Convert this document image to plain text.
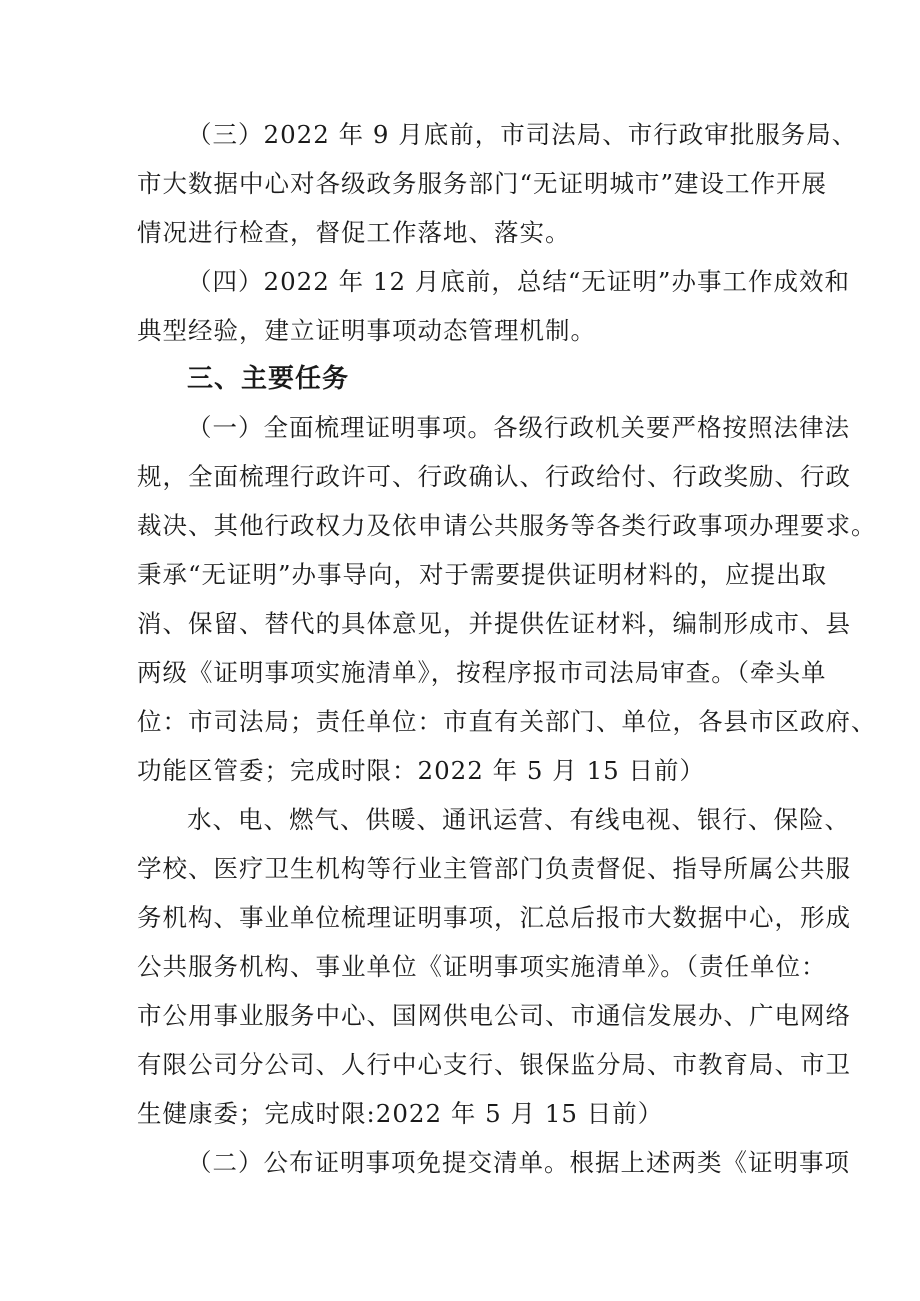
（三）2022 年 9 月底前，市司法局、市行政审批服务局、
市大数据中心对各级政务服务部门“无证明城市”建设工作开展
情况进行检查，督促工作落地、落实。
（四）2022 年 12 月底前，总结“无证明”办事工作成效和
典型经验，建立证明事项动态管理机制。
三、主要任务
（一）全面梳理证明事项。各级行政机关要严格按照法律法
规，全面梳理行政许可、行政确认、行政给付、行政奖励、行政
裁决、其他行政权力及依申请公共服务等各类行政事项办理要求。
秉承“无证明”办事导向，对于需要提供证明材料的，应提出取
消、保留、替代的具体意见，并提供佐证材料，编制形成市、县
两级《证明事项实施清单》，按程序报市司法局审查。（牵头单
位：市司法局；责任单位：市直有关部门、单位，各县市区政府、
功能区管委；完成时限：2022 年 5 月 15 日前）
水、电、燃气、供暖、通讯运营、有线电视、银行、保险、
学校、医疗卫生机构等行业主管部门负责督促、指导所属公共服
务机构、事业单位梳理证明事项，汇总后报市大数据中心，形成
公共服务机构、事业单位《证明事项实施清单》。（责任单位：
市公用事业服务中心、国网供电公司、市通信发展办、广电网络
有限公司分公司、人行中心支行、银保监分局、市教育局、市卫
生健康委；完成时限:2022 年 5 月 15 日前）
（二）公布证明事项免提交清单。根据上述两类《证明事项
